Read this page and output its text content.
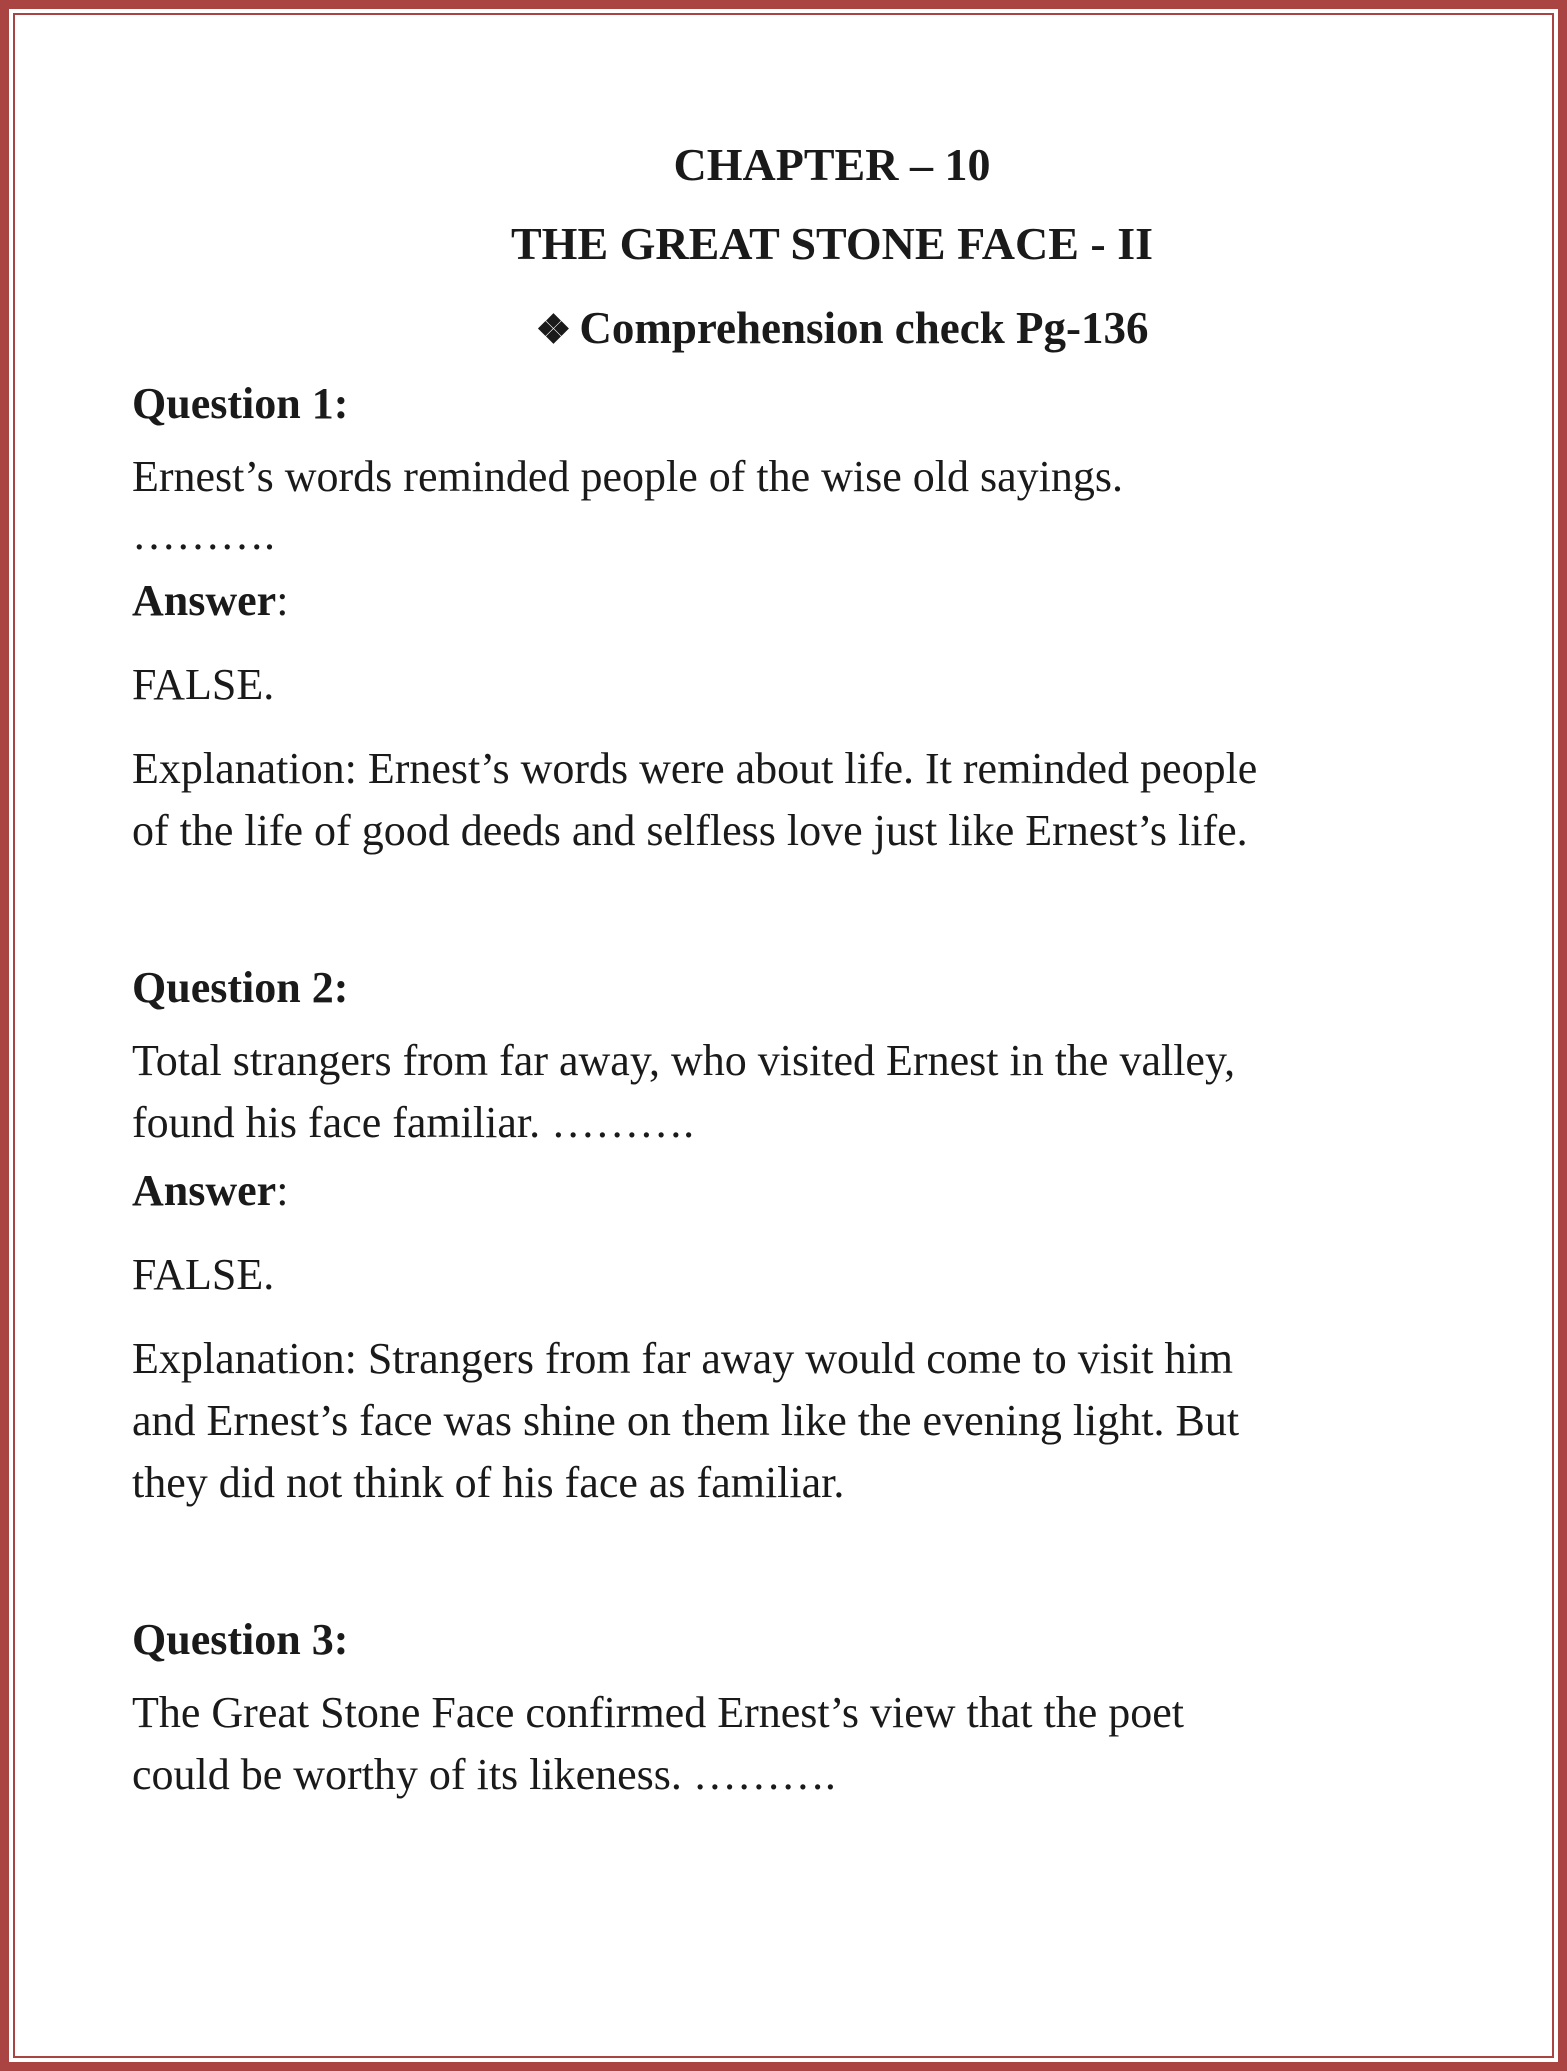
CHAPTER – 10
THE GREAT STONE FACE - II
❖ Comprehension check Pg-136

Question 1:

Ernest’s words reminded people of the wise old sayings.

……….

Answer:

FALSE.

Explanation: Ernest’s words were about life. It reminded people

of the life of good deeds and selfless love just like Ernest’s life.

Question 2:

Total strangers from far away, who visited Ernest in the valley,

found his face familiar. ……….

Answer:

FALSE.

Explanation: Strangers from far away would come to visit him

and Ernest’s face was shine on them like the evening light. But

they did not think of his face as familiar.

Question 3:

The Great Stone Face confirmed Ernest’s view that the poet

could be worthy of its likeness. ……….
